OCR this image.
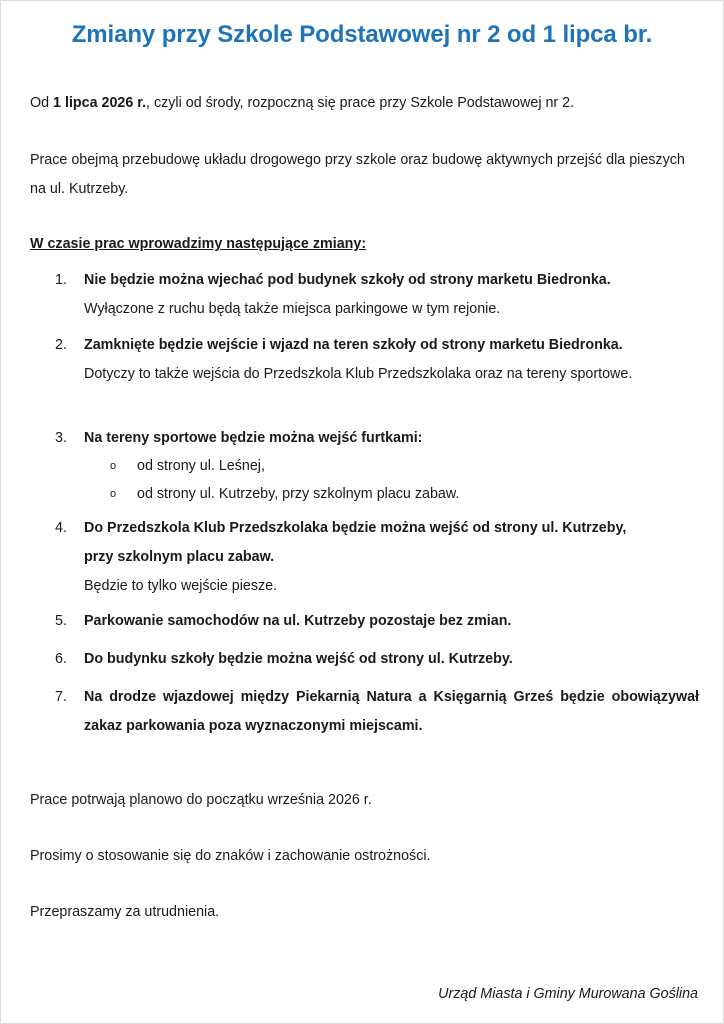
Zmiany przy Szkole Podstawowej nr 2 od 1 lipca br.

Od 1 lipca 2026 r., czyli od środy, rozpoczną się prace przy Szkole Podstawowej nr 2.

Prace obejmą przebudowę układu drogowego przy szkole oraz budowę aktywnych przejść dla pieszych na ul. Kutrzeby.

W czasie prac wprowadzimy następujące zmiany:

1. Nie będzie można wjechać pod budynek szkoły od strony marketu Biedronka.
Wyłączone z ruchu będą także miejsca parkingowe w tym rejonie.
2. Zamknięte będzie wejście i wjazd na teren szkoły od strony marketu Biedronka.
Dotyczy to także wejścia do Przedszkola Klub Przedszkolaka oraz na tereny sportowe.
3. Na tereny sportowe będzie można wejść furtkami:
o od strony ul. Leśnej,
o od strony ul. Kutrzeby, przy szkolnym placu zabaw.
4. Do Przedszkola Klub Przedszkolaka będzie można wejść od strony ul. Kutrzeby, przy szkolnym placu zabaw.
Będzie to tylko wejście piesze.
5. Parkowanie samochodów na ul. Kutrzeby pozostaje bez zmian.
6. Do budynku szkoły będzie można wejść od strony ul. Kutrzeby.
7. Na drodze wjazdowej między Piekarnią Natura a Księgarnią Grześ będzie obowiązywał zakaz parkowania poza wyznaczonymi miejscami.

Prace potrwają planowo do początku września 2026 r.

Prosimy o stosowanie się do znaków i zachowanie ostrożności.

Przepraszamy za utrudnienia.

Urząd Miasta i Gminy Murowana Goślina
